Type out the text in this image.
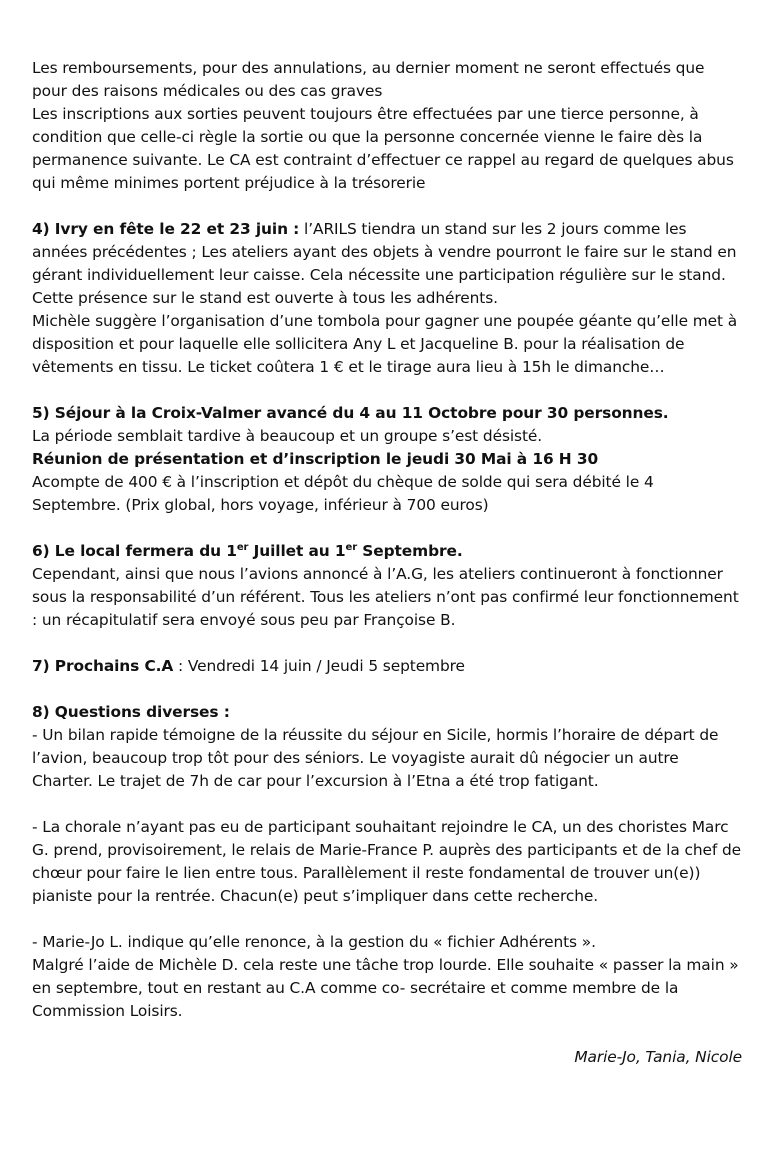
Les remboursements, pour des annulations, au dernier moment ne seront effectués que pour des raisons médicales ou des cas graves

Les inscriptions aux sorties peuvent toujours être effectuées par une tierce personne, à condition que celle-ci règle la sortie ou que la personne concernée vienne le faire dès la permanence suivante. Le CA est contraint d’effectuer ce rappel au regard de quelques abus qui même minimes portent préjudice à la trésorerie

4) Ivry en fête le 22 et 23 juin : l’ARILS tiendra un stand sur les 2 jours comme les années précédentes ; Les ateliers ayant des objets à vendre pourront le faire sur le stand en gérant individuellement leur caisse. Cela nécessite une participation régulière sur le stand.

Cette présence sur le stand est ouverte à tous les adhérents.

Michèle suggère l’organisation d’une tombola pour gagner une poupée géante qu’elle met à disposition et pour laquelle elle sollicitera Any L et Jacqueline B. pour la réalisation de vêtements en tissu. Le ticket coûtera 1 € et le tirage aura lieu à 15h le dimanche…

5) Séjour à la Croix-Valmer avancé du 4 au 11 Octobre pour 30 personnes.

La période semblait tardive à beaucoup et un groupe s’est désisté.

Réunion de présentation et d’inscription le jeudi 30 Mai à 16 H 30

Acompte de 400 € à l’inscription et dépôt du chèque de solde qui sera débité le 4 Septembre. (Prix global, hors voyage, inférieur à 700 euros)

6) Le local fermera du 1er Juillet au 1er Septembre.

Cependant, ainsi que nous l’avions annoncé à l’A.G, les ateliers continueront à fonctionner sous la responsabilité d’un référent. Tous les ateliers n’ont pas confirmé leur fonctionnement : un récapitulatif sera envoyé sous peu par Françoise B.

7) Prochains C.A : Vendredi 14 juin / Jeudi 5 septembre

8) Questions diverses :

- Un bilan rapide témoigne de la réussite du séjour en Sicile, hormis l’horaire de départ de l’avion, beaucoup trop tôt pour des séniors. Le voyagiste aurait dû négocier un autre Charter. Le trajet de 7h de car pour l’excursion à l’Etna a été trop fatigant.

- La chorale n’ayant pas eu de participant souhaitant rejoindre le CA, un des choristes Marc G. prend, provisoirement, le relais de Marie-France P. auprès des participants et de la chef de chœur pour faire le lien entre tous. Parallèlement il reste fondamental de trouver un(e)) pianiste pour la rentrée. Chacun(e) peut s’impliquer dans cette recherche.

- Marie-Jo L. indique qu’elle renonce, à la gestion du « fichier Adhérents ».

Malgré l’aide de Michèle D. cela reste une tâche trop lourde. Elle souhaite « passer la main » en septembre, tout en restant au C.A comme co- secrétaire et comme membre de la Commission Loisirs.

Marie-Jo, Tania, Nicole
